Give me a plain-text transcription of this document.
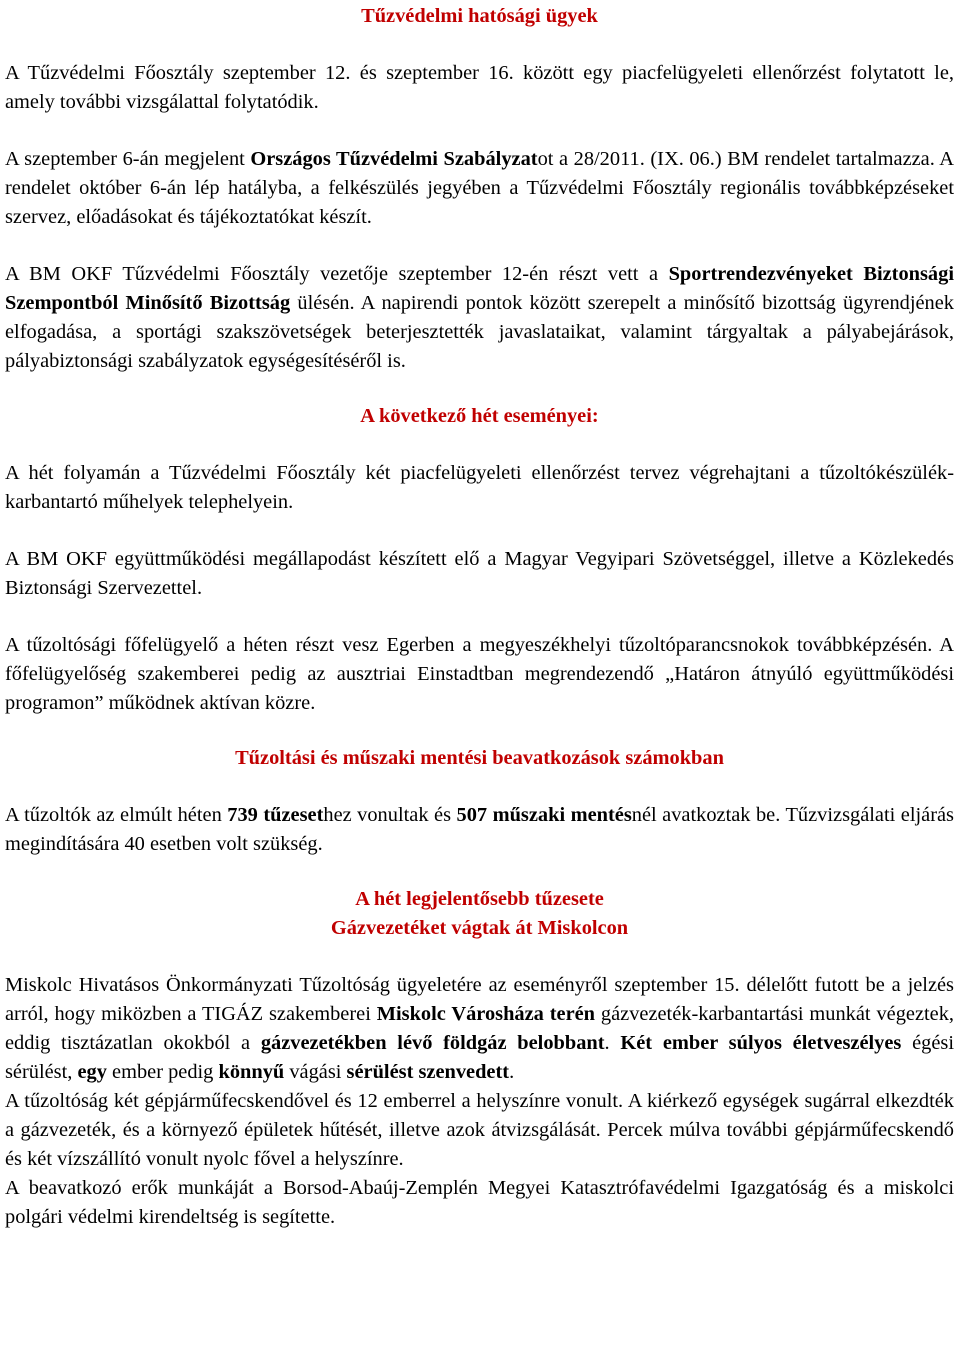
Tűzvédelmi hatósági ügyek

A Tűzvédelmi Főosztály szeptember 12. és szeptember 16. között egy piacfelügyeleti ellenőrzést folytatott le, amely további vizsgálattal folytatódik.

A szeptember 6-án megjelent Országos Tűzvédelmi Szabályzatot a 28/2011. (IX. 06.) BM rendelet tartalmazza. A rendelet október 6-án lép hatályba, a felkészülés jegyében a Tűzvédelmi Főosztály regionális továbbképzéseket szervez, előadásokat és tájékoztatókat készít.

A BM OKF Tűzvédelmi Főosztály vezetője szeptember 12-én részt vett a Sportrendezvényeket Biztonsági Szempontból Minősítő Bizottság ülésén. A napirendi pontok között szerepelt a minősítő bizottság ügyrendjének elfogadása, a sportági szakszövetségek beterjesztették javaslataikat, valamint tárgyaltak a pályabejárások, pályabiztonsági szabályzatok egységesítéséről is.

A következő hét eseményei:

A hét folyamán a Tűzvédelmi Főosztály két piacfelügyeleti ellenőrzést tervez végrehajtani a tűzoltókészülék-karbantartó műhelyek telephelyein.

A BM OKF együttműködési megállapodást készített elő a Magyar Vegyipari Szövetséggel, illetve a Közlekedés Biztonsági Szervezettel.

A tűzoltósági főfelügyelő a héten részt vesz Egerben a megyeszékhelyi tűzoltóparancsnokok továbbképzésén. A főfelügyelőség szakemberei pedig az ausztriai Einstadtban megrendezendő „Határon átnyúló együttműködési programon” működnek aktívan közre.

Tűzoltási és műszaki mentési beavatkozások számokban

A tűzoltók az elmúlt héten 739 tűzesethez vonultak és 507 műszaki mentésnél avatkoztak be. Tűzvizsgálati eljárás megindítására 40 esetben volt szükség.

A hét legjelentősebb tűzesete
Gázvezetéket vágtak át Miskolcon

Miskolc Hivatásos Önkormányzati Tűzoltóság ügyeletére az eseményről szeptember 15. délelőtt futott be a jelzés arról, hogy miközben a TIGÁZ szakemberei Miskolc Városháza terén gázvezeték-karbantartási munkát végeztek, eddig tisztázatlan okokból a gázvezetékben lévő földgáz belobbant. Két ember súlyos életveszélyes égési sérülést, egy ember pedig könnyű vágási sérülést szenvedett.

A tűzoltóság két gépjárműfecskendővel és 12 emberrel a helyszínre vonult. A kiérkező egységek sugárral elkezdték a gázvezeték, és a környező épületek hűtését, illetve azok átvizsgálását. Percek múlva további gépjárműfecskendő és két vízszállító vonult nyolc fővel a helyszínre.

A beavatkozó erők munkáját a Borsod-Abaúj-Zemplén Megyei Katasztrófavédelmi Igazgatóság és a miskolci polgári védelmi kirendeltség is segítette.
